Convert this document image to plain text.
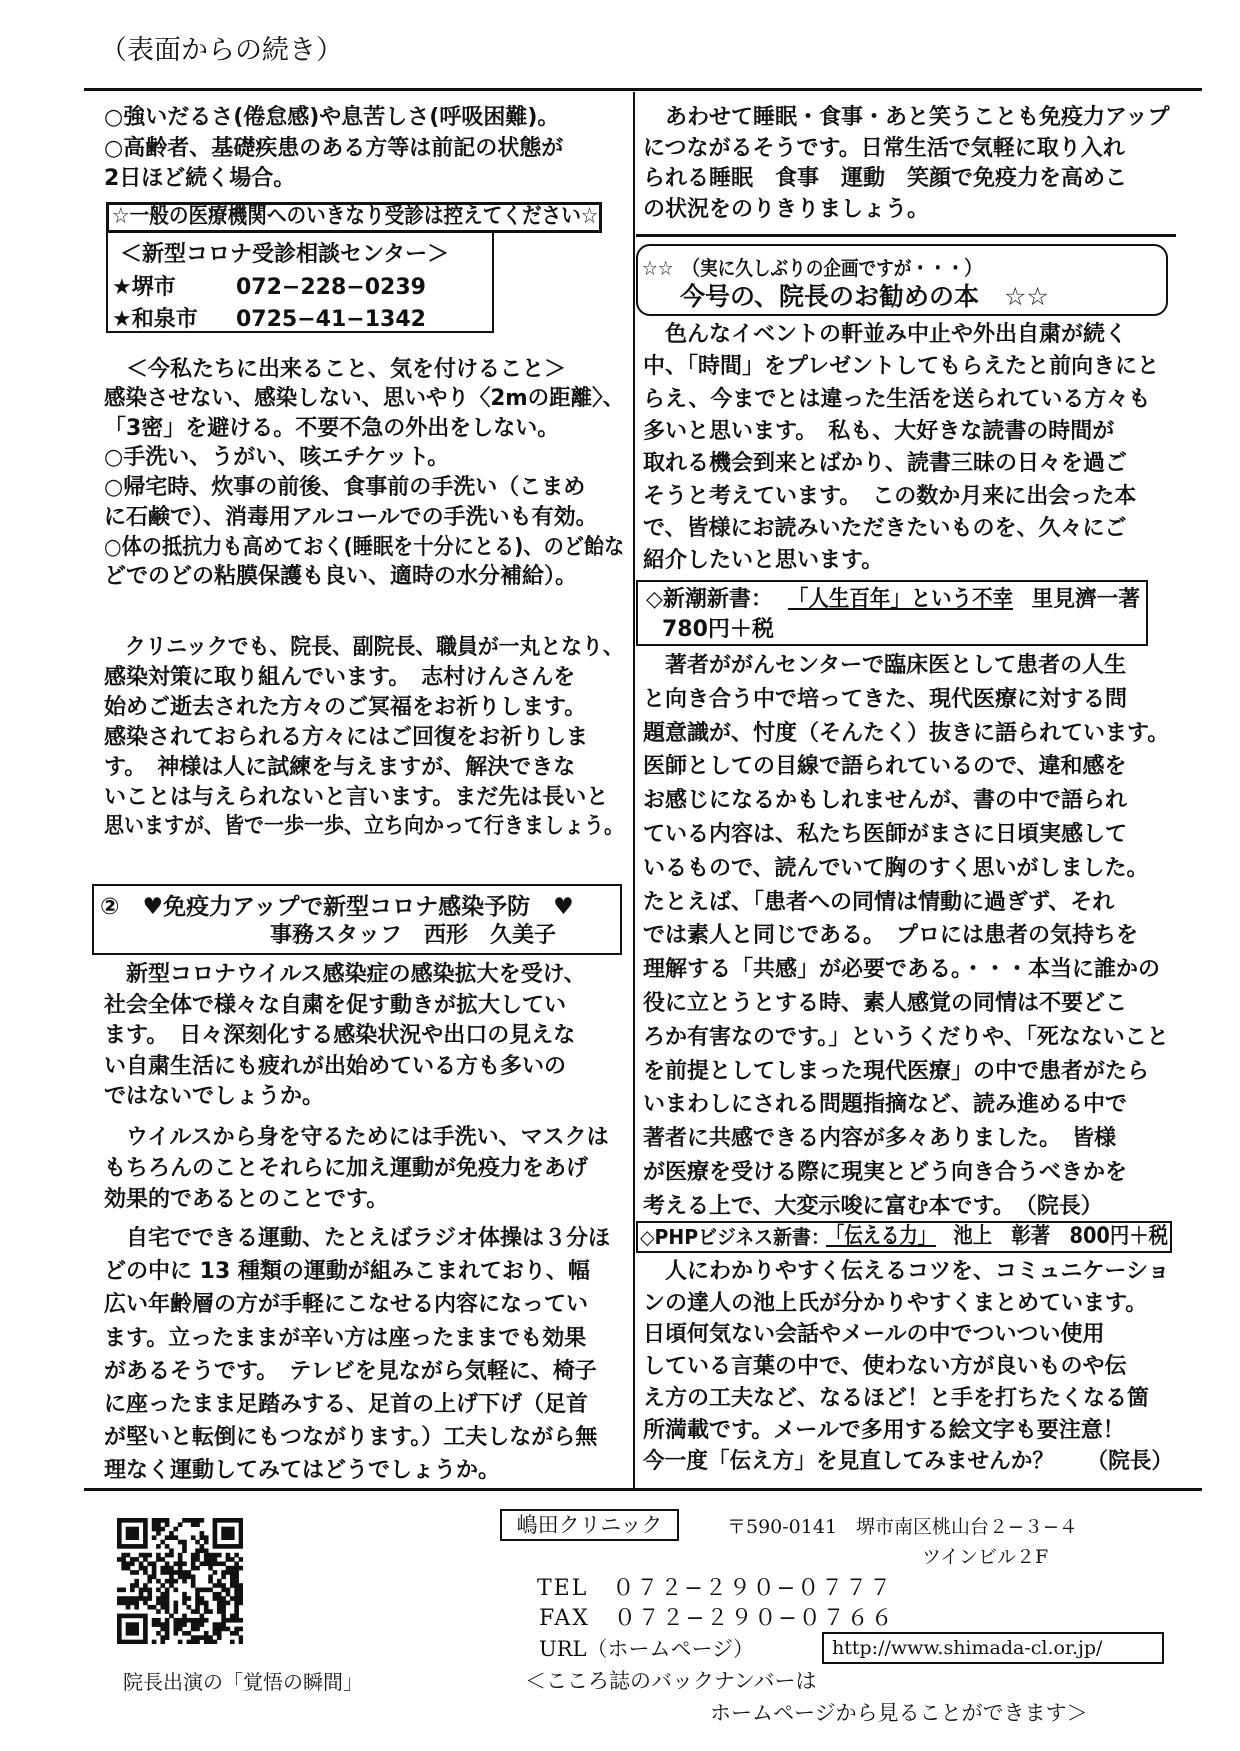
（表面からの続き）
院長出演の「覚悟の瞬間」
嶋田クリニック	〒590-0141　堺市南区桃山台２−３−４
ツインビル２F
TEL　０７２−２９０−０７７７
FAX　０７２−２９０−０７６６
URL（ホームページ）	http://www.shimada-cl.or.jp/
＜こころ誌のバックナンバーは
ホームページから見ることができます＞
○強いだるさ(倦怠感)や息苦しさ(呼吸困難)。
○高齢者、基礎疾患のある方等は前記の状態が
2日ほど続く場合。
☆一般の医療機関へのいきなり受診は控えてください☆
＜新型コロナ受診相談センター＞
★堺市	072−228−0239
★和泉市 0725−41−1342
＜今私たちに出来ること、気を付けること＞
感染させない、感染しない、思いやり〈2mの距離〉、
「3密」を避ける。不要不急の外出をしない。
○手洗い、うがい、咳エチケット。
○帰宅時、炊事の前後、食事前の手洗い（こまめ
に石鹸で）、消毒用アルコールでの手洗いも有効。
○体の抵抗力も高めておく(睡眠を十分にとる)、のど飴な
どでのどの粘膜保護も良い、適時の水分補給）。
　クリニックでも、院長、副院長、職員が一丸となり、
感染対策に取り組んでいます。　志村けんさんを
始めご逝去された方々のご冥福をお祈りします。
感染されておられる方々にはご回復をお祈りしま
す。　神様は人に試練を与えますが、解決できな
いことは与えられないと言います。まだ先は長いと
思いますが、皆で一歩一歩、立ち向かって行きましょう。
②　♥免疫力アップで新型コロナ感染予防　♥
事務スタッフ　西形　久美子
　新型コロナウイルス感染症の感染拡大を受け、
社会全体で様々な自粛を促す動きが拡大してい
ます。　日々深刻化する感染状況や出口の見えな
い自粛生活にも疲れが出始めている方も多いの
ではないでしょうか。
　ウイルスから身を守るためには手洗い、マスクは
もちろんのことそれらに加え運動が免疫力をあげ
効果的であるとのことです。
　自宅でできる運動、たとえばラジオ体操は３分ほ
どの中に 13 種類の運動が組みこまれており、幅
広い年齢層の方が手軽にこなせる内容になってい
ます。立ったままが辛い方は座ったままでも効果
があるそうです。　テレビを見ながら気軽に、椅子
に座ったまま足踏みする、足首の上げ下げ（足首
が堅いと転倒にもつながります。）工夫しながら無
理なく運動してみてはどうでしょうか。
　あわせて睡眠・食事・あと笑うことも免疫力アップ
につながるそうです。日常生活で気軽に取り入れ
られる睡眠　食事　運動　笑顔で免疫力を高めこ
の状況をのりきりましょう。
☆☆　（実に久しぶりの企画ですが・・・）
今号の、院長のお勧めの本　☆☆
　色んなイベントの軒並み中止や外出自粛が続く
中、「時間」をプレゼントしてもらえたと前向きにと
らえ、今までとは違った生活を送られている方々も
多いと思います。　私も、大好きな読書の時間が
取れる機会到来とばかり、読書三昧の日々を過ご
そうと考えています。　この数か月来に出会った本
で、皆様にお読みいただきたいものを、久々にご
紹介したいと思います。
◇新潮新書： 「人生百年」という不幸
　里見濟一著
780円＋税
　著者ががんセンターで臨床医として患者の人生
と向き合う中で培ってきた、現代医療に対する問
題意識が、忖度（そんたく）抜きに語られています。
医師としての目線で語られているので、違和感を
お感じになるかもしれませんが、書の中で語られ
ている内容は、私たち医師がまさに日頃実感して
いるもので、読んでいて胸のすく思いがしました。
たとえば、「患者への同情は情動に過ぎず、それ
では素人と同じである。　プロには患者の気持ちを
理解する「共感」が必要である。・・・本当に誰かの
役に立とうとする時、素人感覚の同情は不要どこ
ろか有害なのです。」というくだりや、「死なないこと
を前提としてしまった現代医療」の中で患者がたら
いまわしにされる問題指摘など、読み進める中で
著者に共感できる内容が多々ありました。　皆様
が医療を受ける際に現実とどう向き合うべきかを
考える上で、大変示唆に富む本です。　（院長）
◇PHPビジネス新書：
「伝える力」
　池上　彰著　800円＋税
　人にわかりやすく伝えるコツを、コミュニケーショ
ンの達人の池上氏が分かりやすくまとめています。
日頃何気ない会話やメールの中でついつい使用
している言葉の中で、使わない方が良いものや伝
え方の工夫など、なるほど！と手を打ちたくなる箇
所満載です。メールで多用する絵文字も要注意！
今一度「伝え方」を見直してみませんか？　　（院長）
